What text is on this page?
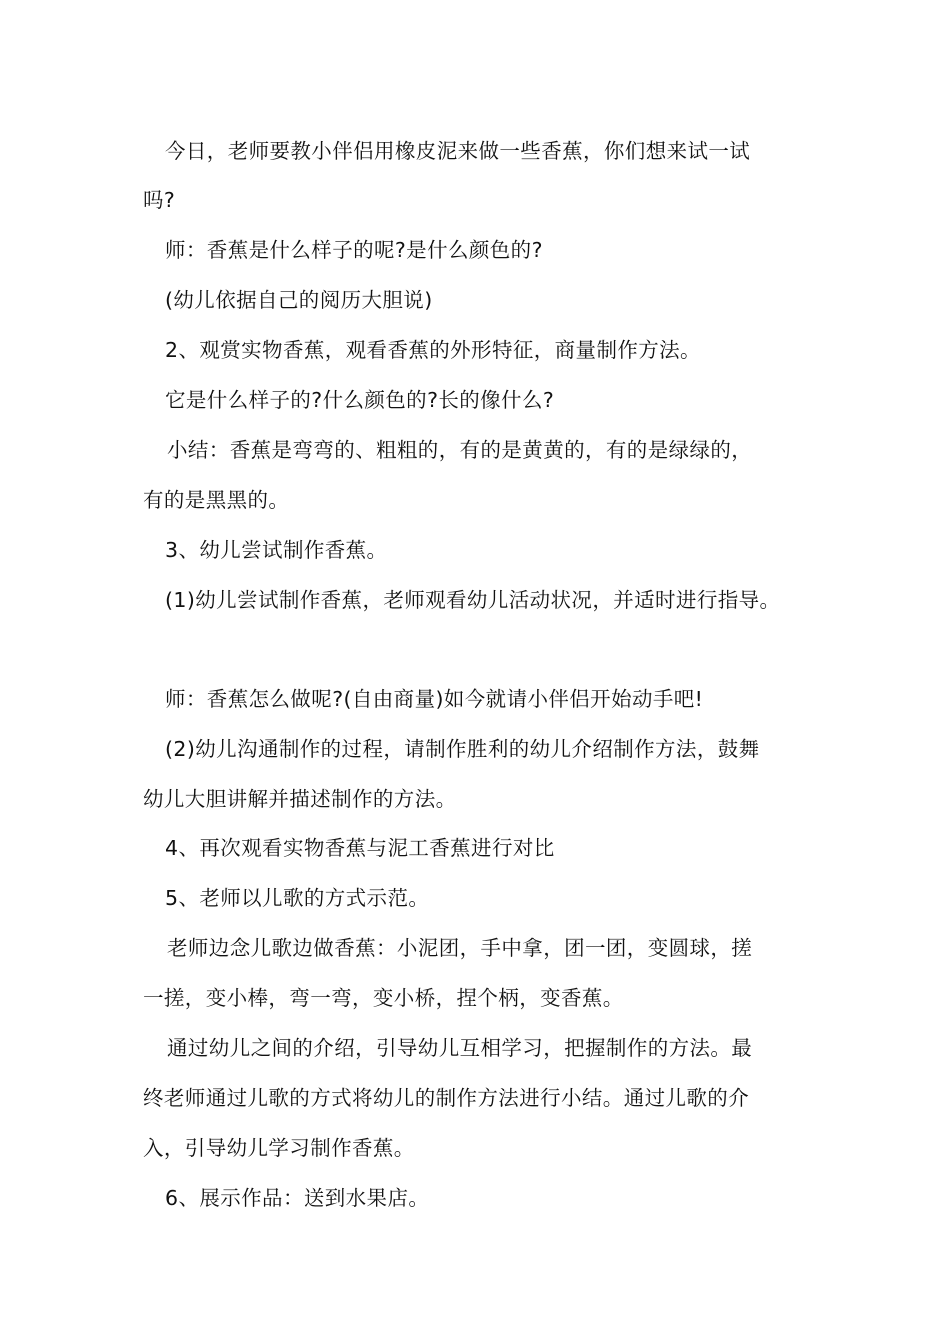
今日，老师要教小伴侣用橡皮泥来做一些香蕉，你们想来试一试
吗?
师：香蕉是什么样子的呢?是什么颜色的?
(幼儿依据自己的阅历大胆说)
2、观赏实物香蕉，观看香蕉的外形特征，商量制作方法。
它是什么样子的?什么颜色的?长的像什么?
小结：香蕉是弯弯的、粗粗的，有的是黄黄的，有的是绿绿的，
有的是黑黑的。
3、幼儿尝试制作香蕉。
(1)幼儿尝试制作香蕉，老师观看幼儿活动状况，并适时进行指导。
师：香蕉怎么做呢?(自由商量)如今就请小伴侣开始动手吧!
(2)幼儿沟通制作的过程，请制作胜利的幼儿介绍制作方法，鼓舞
幼儿大胆讲解并描述制作的方法。
4、再次观看实物香蕉与泥工香蕉进行对比
5、老师以儿歌的方式示范。
老师边念儿歌边做香蕉：小泥团，手中拿，团一团，变圆球，搓
一搓，变小棒，弯一弯，变小桥，捏个柄，变香蕉。
通过幼儿之间的介绍，引导幼儿互相学习，把握制作的方法。最
终老师通过儿歌的方式将幼儿的制作方法进行小结。通过儿歌的介
入，引导幼儿学习制作香蕉。
6、展示作品：送到水果店。
